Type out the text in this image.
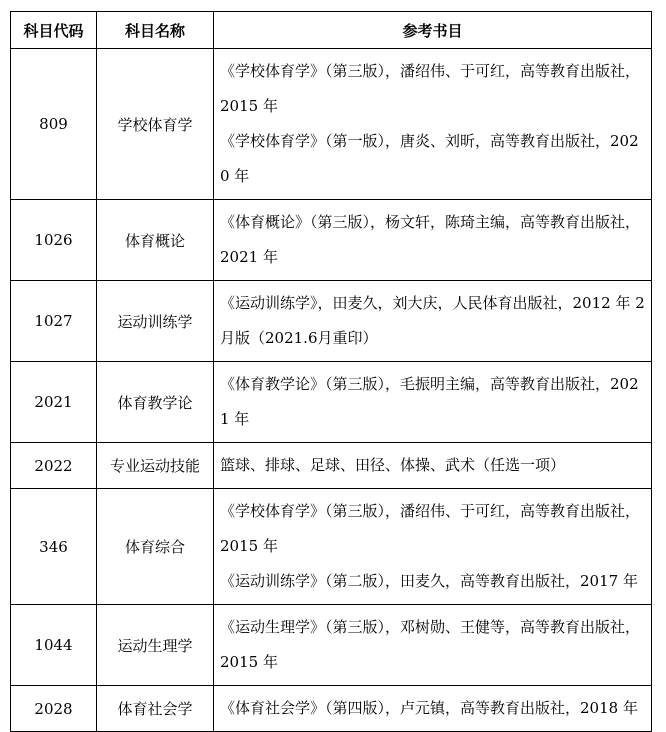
科目代码	科目名称	参考书目
809	学校体育学	《学校体育学》（第三版），潘绍伟、于可红，高等教育出版社，2015 年
《学校体育学》（第一版），唐炎、刘昕，高等教育出版社，2020 年

1026	体育概论	《体育概论》（第三版），杨文轩，陈琦主编，高等教育出版社，2021 年

1027	运动训练学	《运动训练学》，田麦久，刘大庆，人民体育出版社，2012 年 2 月版（2021.6月重印）

2021	体育教学论	《体育教学论》（第三版），毛振明主编，高等教育出版社，2021 年

2022	专业运动技能	篮球、排球、足球、田径、体操、武术（任选一项）

346	体育综合	《学校体育学》（第三版），潘绍伟、于可红，高等教育出版社，2015 年
《运动训练学》（第二版），田麦久，高等教育出版社，2017 年

1044	运动生理学	《运动生理学》（第三版），邓树勋、王健等，高等教育出版社，2015 年

2028	体育社会学	《体育社会学》（第四版），卢元镇，高等教育出版社，2018 年
